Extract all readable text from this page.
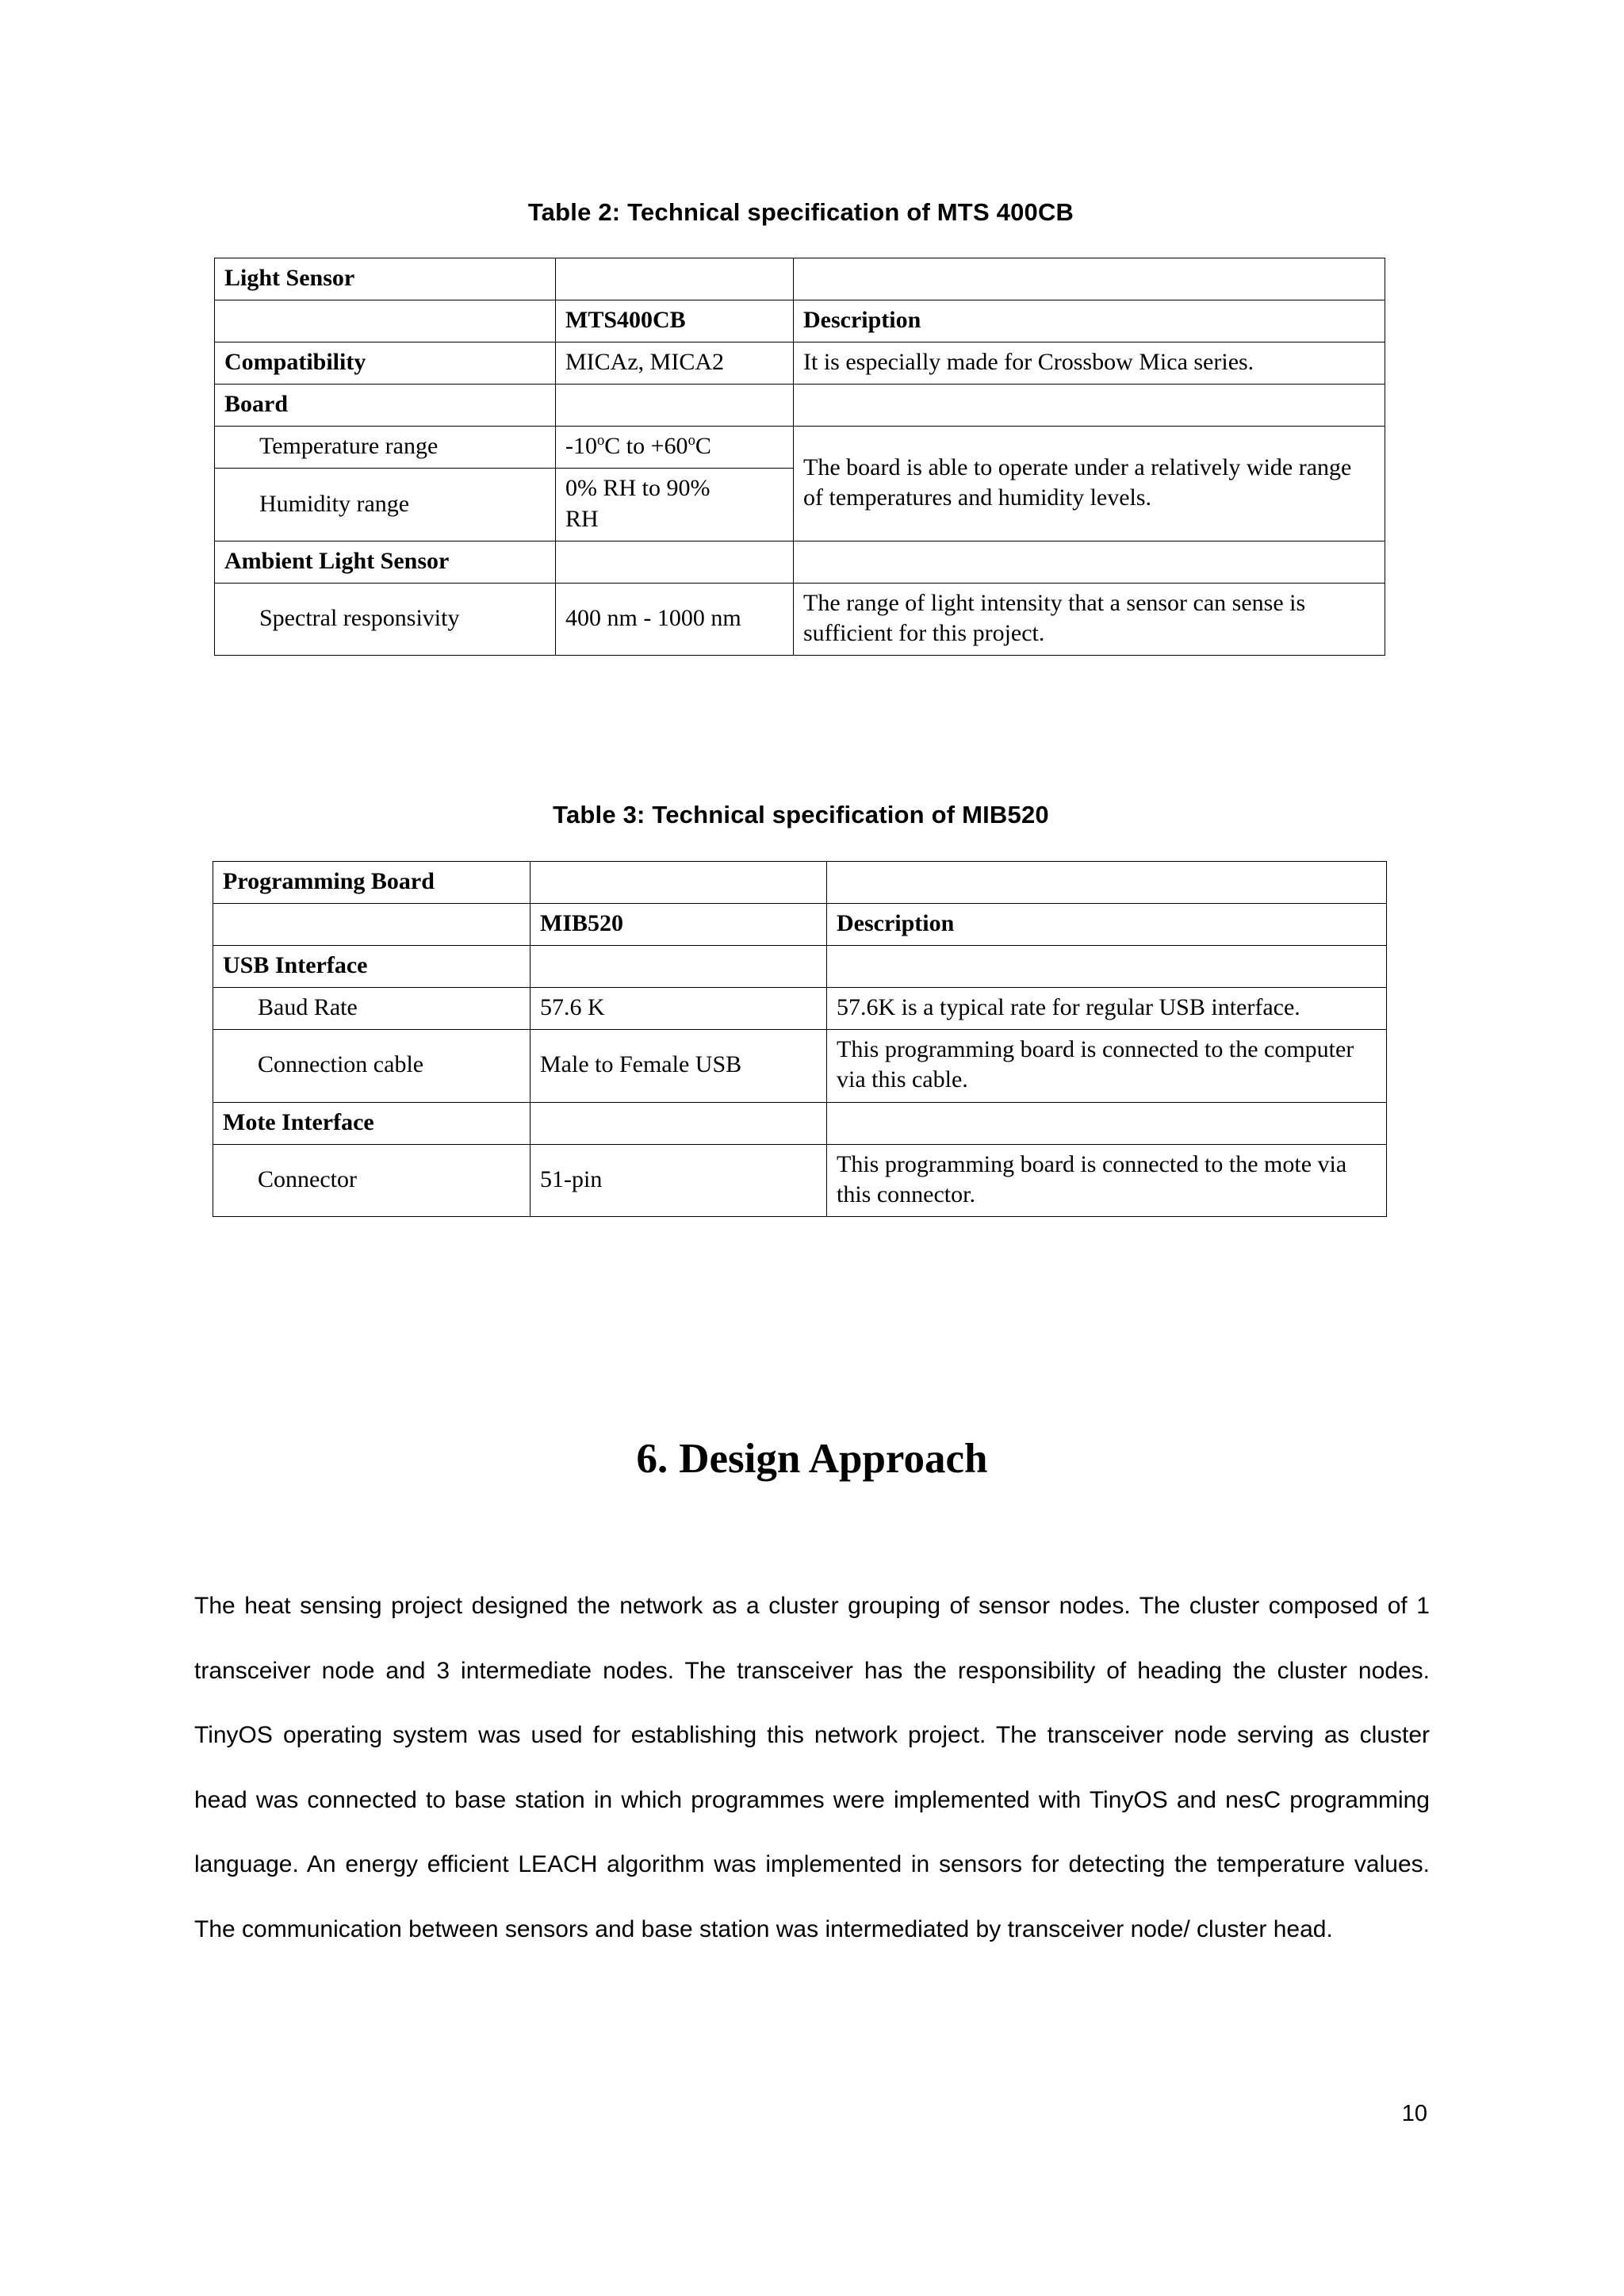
Table 2: Technical specification of MTS 400CB
Light Sensor		
	MTS400CB	Description
Compatibility	MICAz, MICA2	It is especially made for Crossbow Mica series.
Board		
Temperature range	-10$^o$C to $+60^oC$	The board is able to operate under a relatively wide range of temperatures and humidity levels.
Humidity range	0% RH to 90%
RH	
Ambient Light Sensor		
Spectral responsivity	400 nm - 1000 nm	The range of light intensity that a sensor can sense is sufficient for this project.
Table 3: Technical specification of MIB520
Programming Board		
	MIB520	Description
USB Interface		
Baud Rate	57.6 K	57.6K is a typical rate for regular USB interface.
Connection cable	Male to Female USB	This programming board is connected to the computer via this cable.
Mote Interface		
Connector	51-pin	This programming board is connected to the mote via this connector.
6. Design Approach

The heat sensing project designed the network as a cluster grouping of sensor nodes. The cluster composed of 1 transceiver node and 3 intermediate nodes. The transceiver has the responsibility of heading the cluster nodes. TinyOS operating system was used for establishing this network project. The transceiver node serving as cluster head was connected to base station in which programmes were implemented with TinyOS and nesC programming language. An energy efficient LEACH algorithm was implemented in sensors for detecting the temperature values. The communication between sensors and base station was intermediated by transceiver node/ cluster head.

10
